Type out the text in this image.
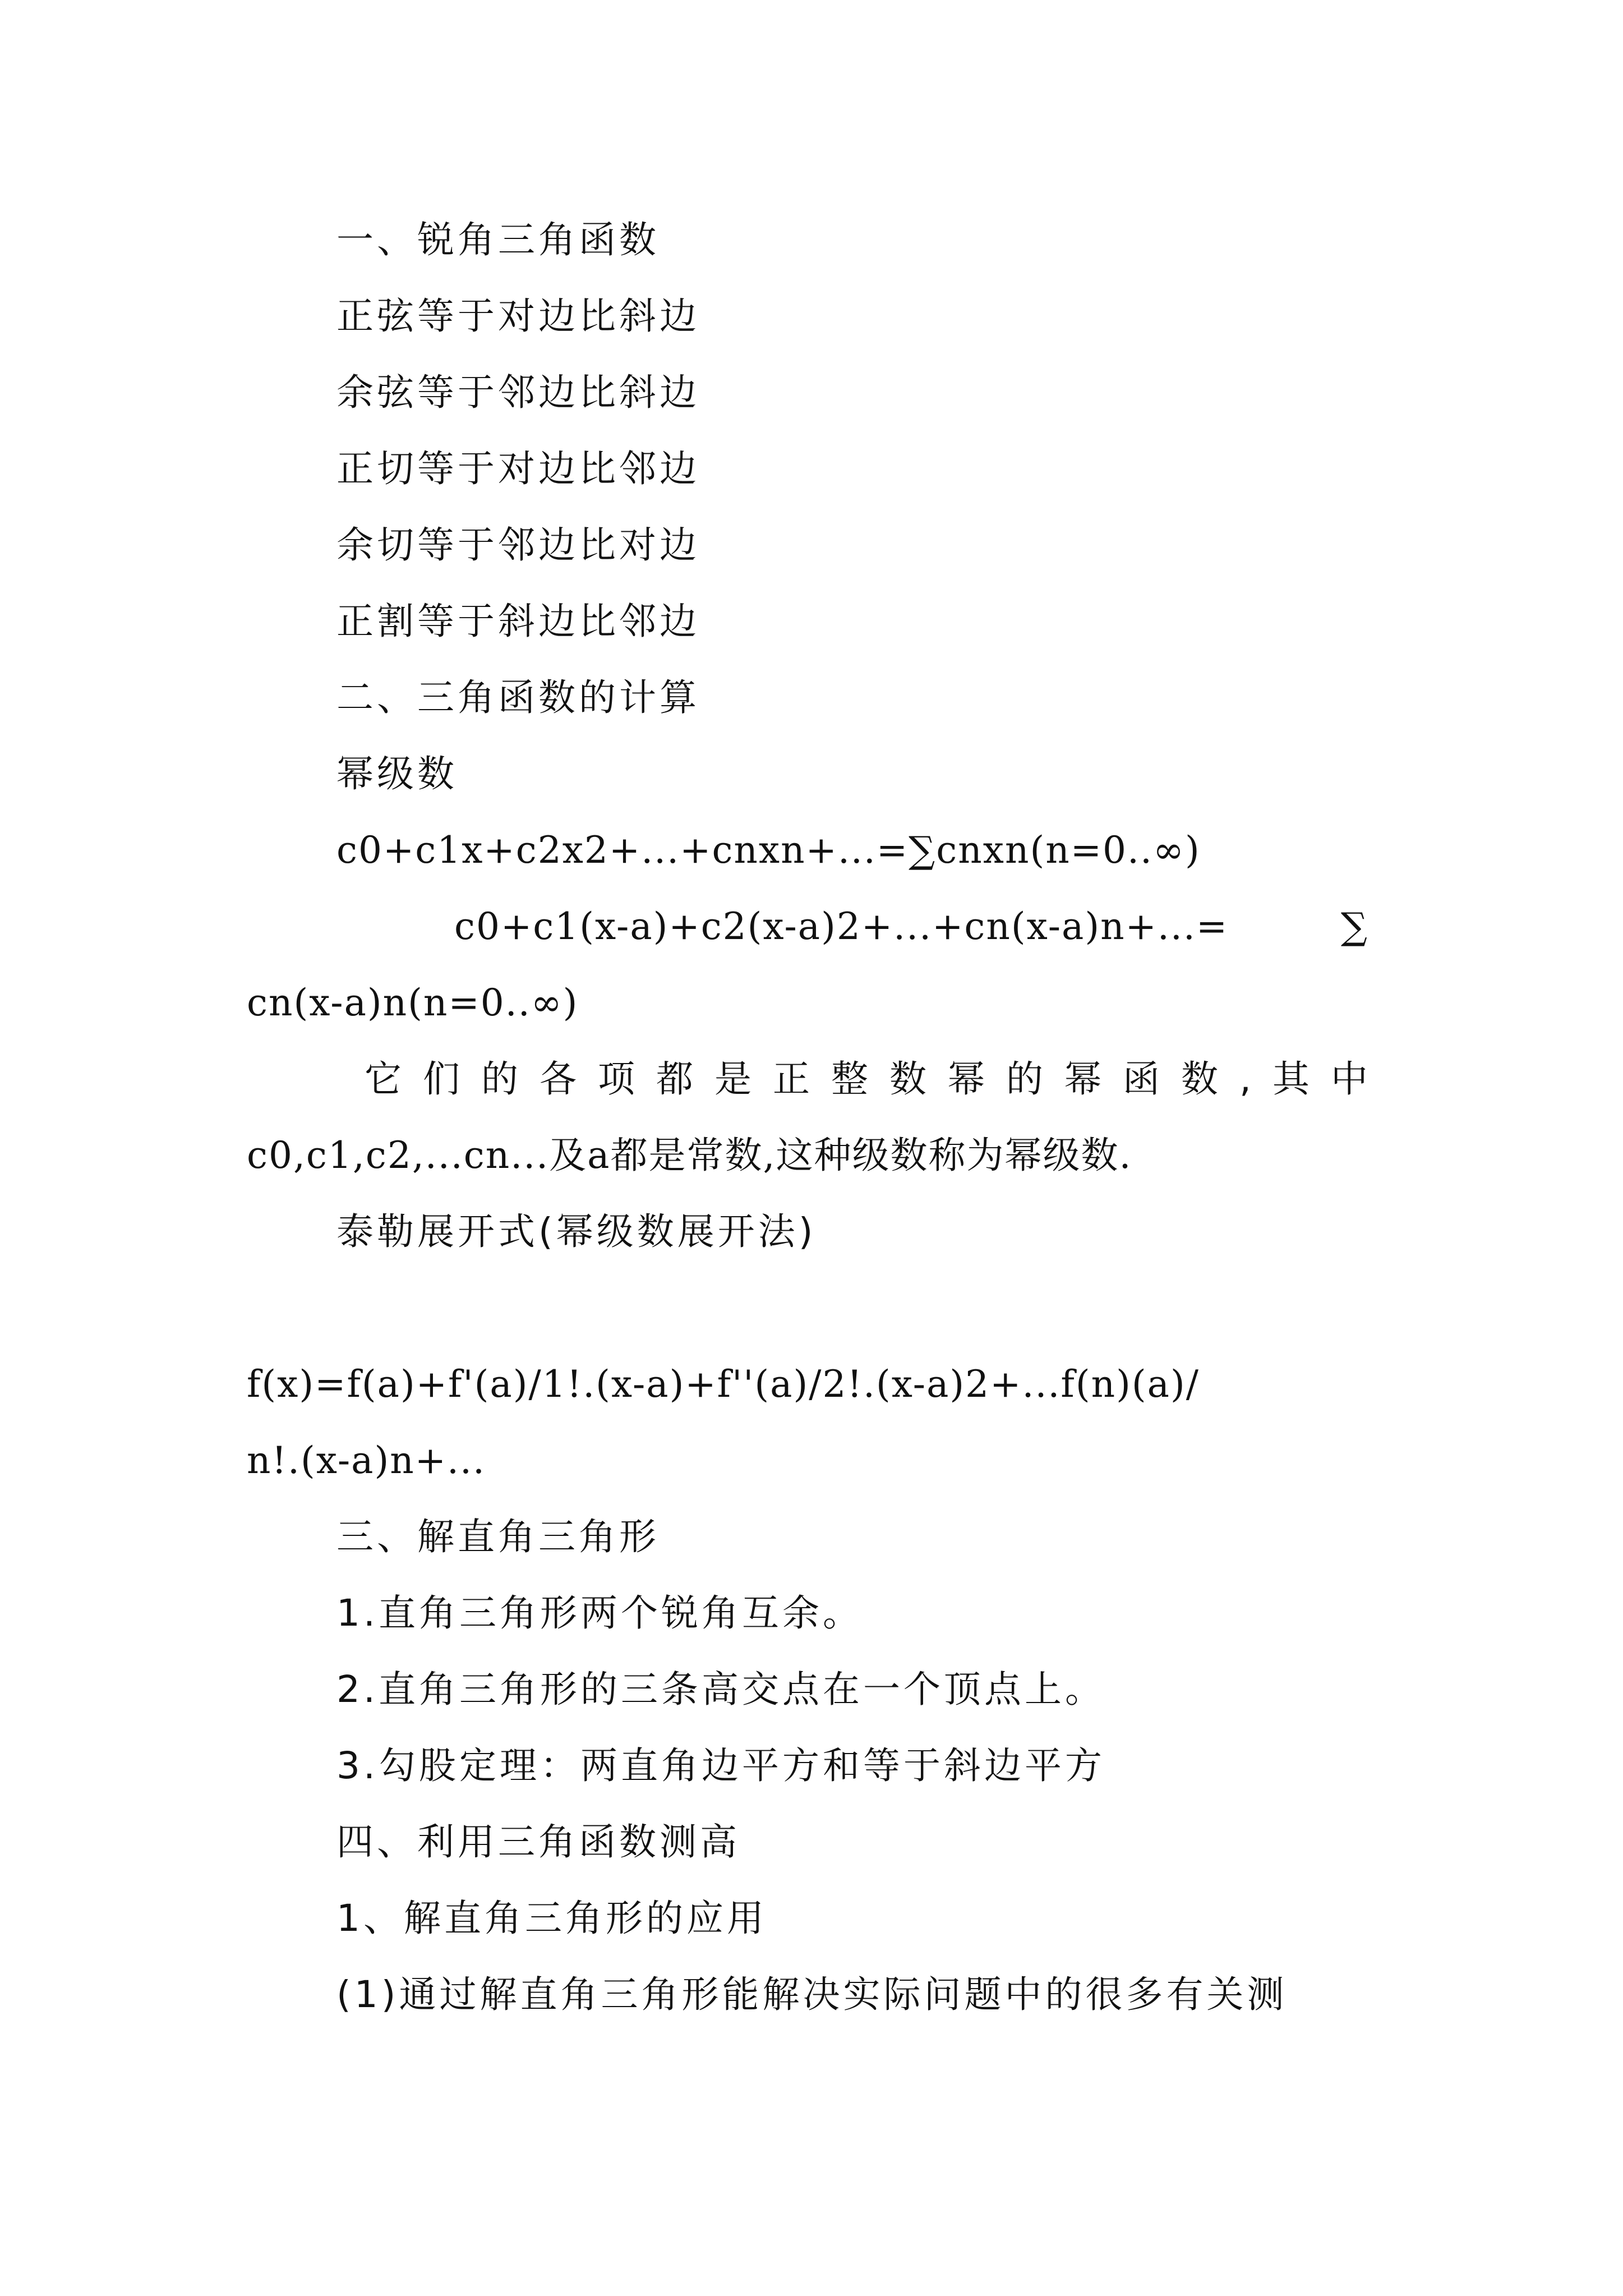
一、锐角三角函数
正弦等于对边比斜边
余弦等于邻边比斜边
正切等于对边比邻边
余切等于邻边比对边
正割等于斜边比邻边
二、三角函数的计算
幂级数
c0+c1x+c2x2+...+cnxn+...=∑cnxn(n=0..∞)
c0+c1(x-a)+c2(x-a)2+...+cn(x-a)n+...=	∑
cn(x-a)n(n=0..∞)
它们的各项都是正整数幂的幂函数,其中
c0,c1,c2,...cn...及a都是常数,这种级数称为幂级数.
泰勒展开式(幂级数展开法)
f(x)=f(a)+f'(a)/1!.(x-a)+f''(a)/2!.(x-a)2+...f(n)(a)/
n!.(x-a)n+...
三、解直角三角形
1.直角三角形两个锐角互余。
2.直角三角形的三条高交点在一个顶点上。
3.勾股定理：两直角边平方和等于斜边平方
四、利用三角函数测高
1、解直角三角形的应用
(1)通过解直角三角形能解决实际问题中的很多有关测
